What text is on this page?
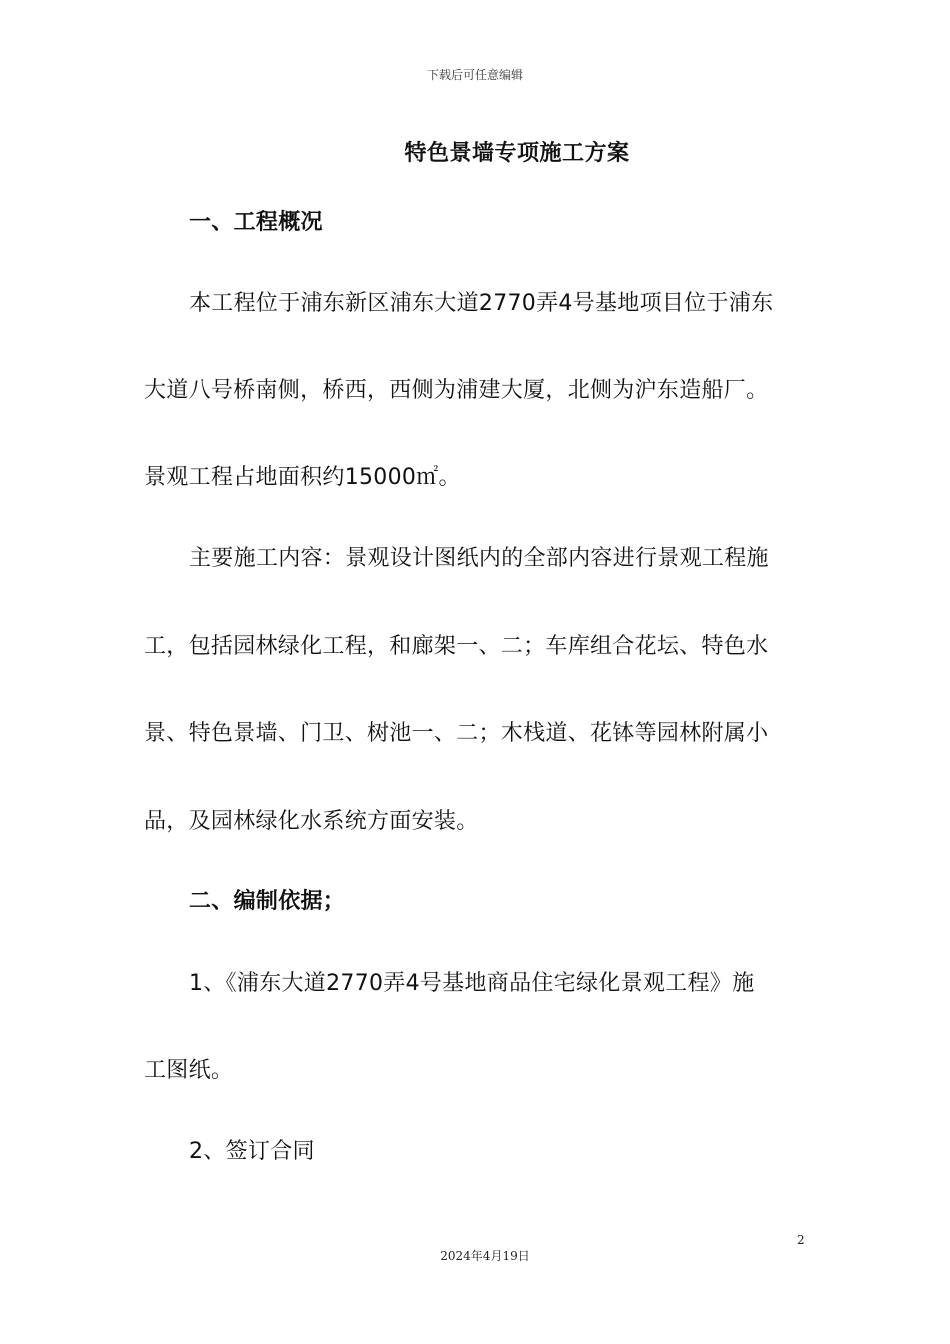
下载后可任意编辑
特色景墙专项施工方案
一、工程概况
本工程位于浦东新区浦东大道2770弄4号基地项目位于浦东
大道八号桥南侧，桥西，西侧为浦建大厦，北侧为沪东造船厂。
景观工程占地面积约15000㎡。
主要施工内容：景观设计图纸内的全部内容进行景观工程施
工，包括园林绿化工程，和廊架一、二；车库组合花坛、特色水
景、特色景墙、门卫、树池一、二；木栈道、花钵等园林附属小
品，及园林绿化水系统方面安装。
二、编制依据；
1、《浦东大道2770弄4号基地商品住宅绿化景观工程》施
工图纸。
2、签订合同
2
2024年4月19日
